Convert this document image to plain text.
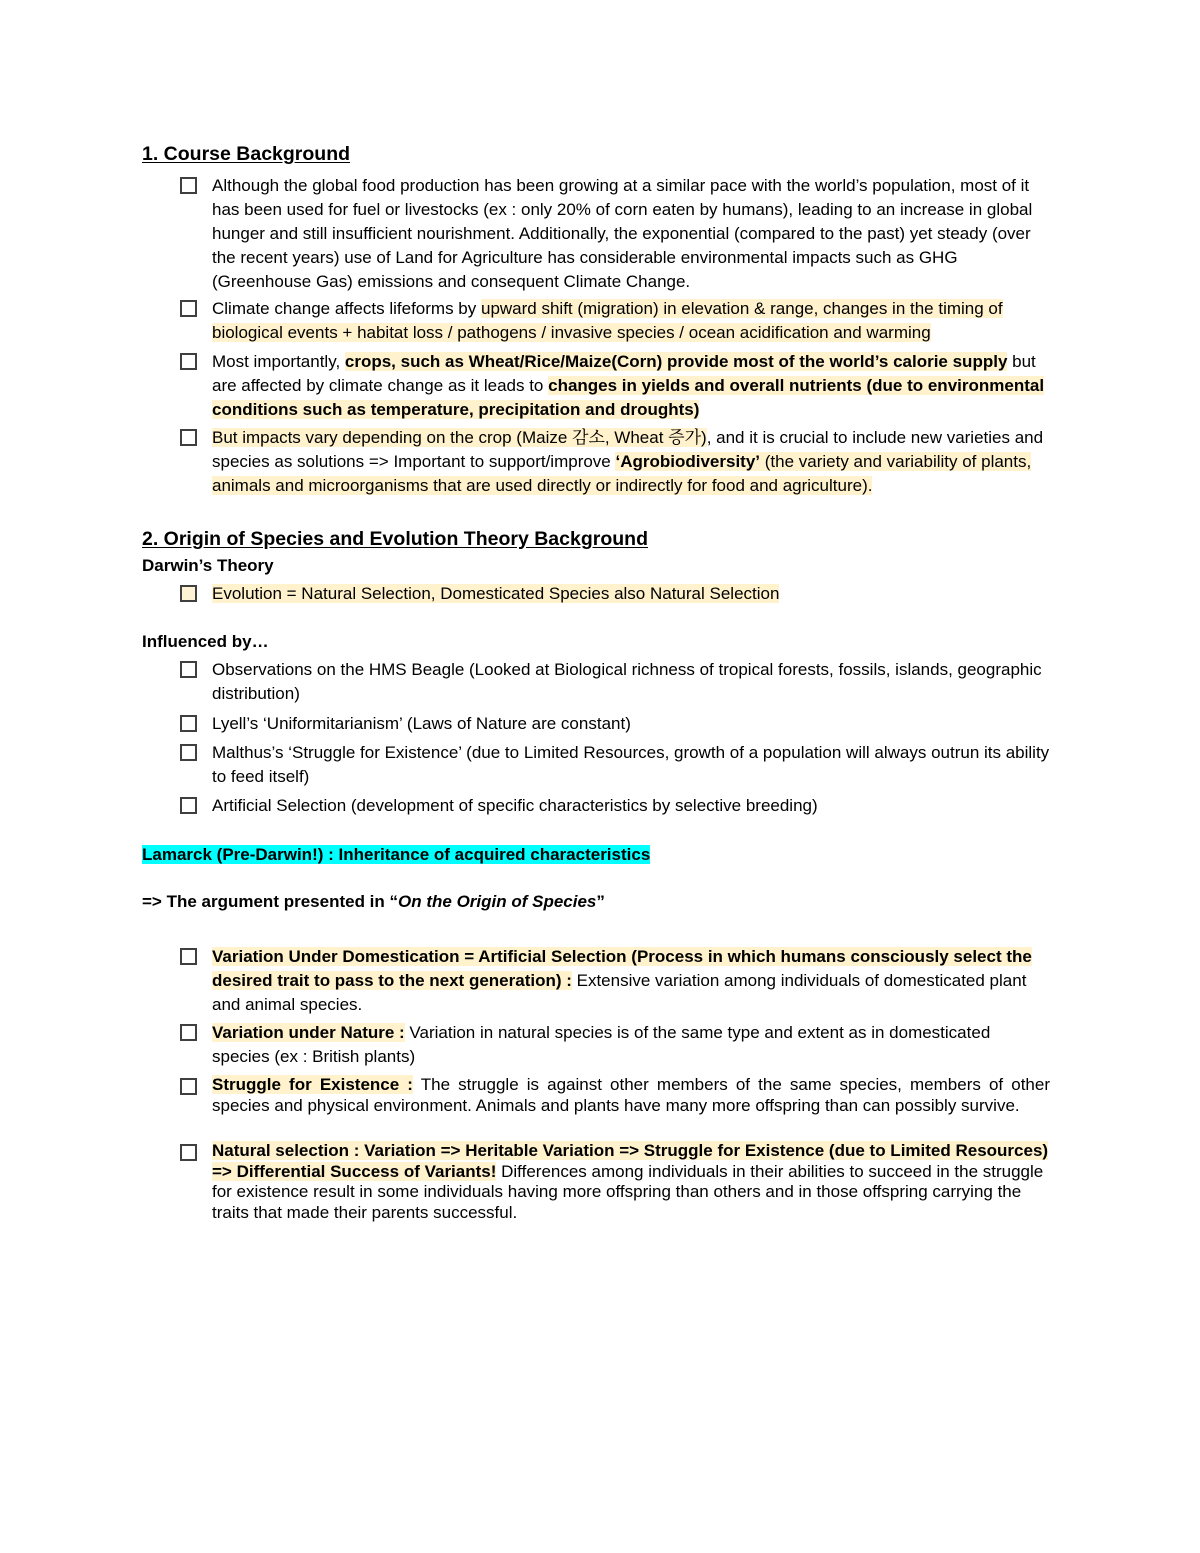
1. Course Background
Although the global food production has been growing at a similar pace with the world’s population, most of it has been used for fuel or livestocks (ex : only 20% of corn eaten by humans), leading to an increase in global hunger and still insufficient nourishment. Additionally, the exponential (compared to the past) yet steady (over the recent years) use of Land for Agriculture has considerable environmental impacts such as GHG (Greenhouse Gas) emissions and consequent Climate Change.
Climate change affects lifeforms by upward shift (migration) in elevation & range, changes in the timing of biological events + habitat loss / pathogens / invasive species / ocean acidification and warming
Most importantly, crops, such as Wheat/Rice/Maize(Corn) provide most of the world’s calorie supply but are affected by climate change as it leads to changes in yields and overall nutrients (due to environmental conditions such as temperature, precipitation and droughts)
But impacts vary depending on the crop (Maize 감소, Wheat 증가), and it is crucial to include new varieties and species as solutions => Important to support/improve ‘Agrobiodiversity’ (the variety and variability of plants, animals and microorganisms that are used directly or indirectly for food and agriculture).
2. Origin of Species and Evolution Theory Background
Darwin’s Theory
Evolution = Natural Selection, Domesticated Species also Natural Selection
Influenced by…
Observations on the HMS Beagle (Looked at Biological richness of tropical forests, fossils, islands, geographic distribution)
Lyell’s ‘Uniformitarianism’ (Laws of Nature are constant)
Malthus’s ‘Struggle for Existence’ (due to Limited Resources, growth of a population will always outrun its ability to feed itself)
Artificial Selection (development of specific characteristics by selective breeding)
Lamarck (Pre-Darwin!) : Inheritance of acquired characteristics
=> The argument presented in “On the Origin of Species”
Variation Under Domestication = Artificial Selection (Process in which humans consciously select the desired trait to pass to the next generation) : Extensive variation among individuals of domesticated plant and animal species.
Variation under Nature : Variation in natural species is of the same type and extent as in domesticated species (ex : British plants)
Struggle for Existence : The struggle is against other members of the same species, members of other species and physical environment. Animals and plants have many more offspring than can possibly survive.
Natural selection : Variation => Heritable Variation => Struggle for Existence (due to Limited Resources) => Differential Success of Variants! Differences among individuals in their abilities to succeed in the struggle for existence result in some individuals having more offspring than others and in those offspring carrying the traits that made their parents successful.
